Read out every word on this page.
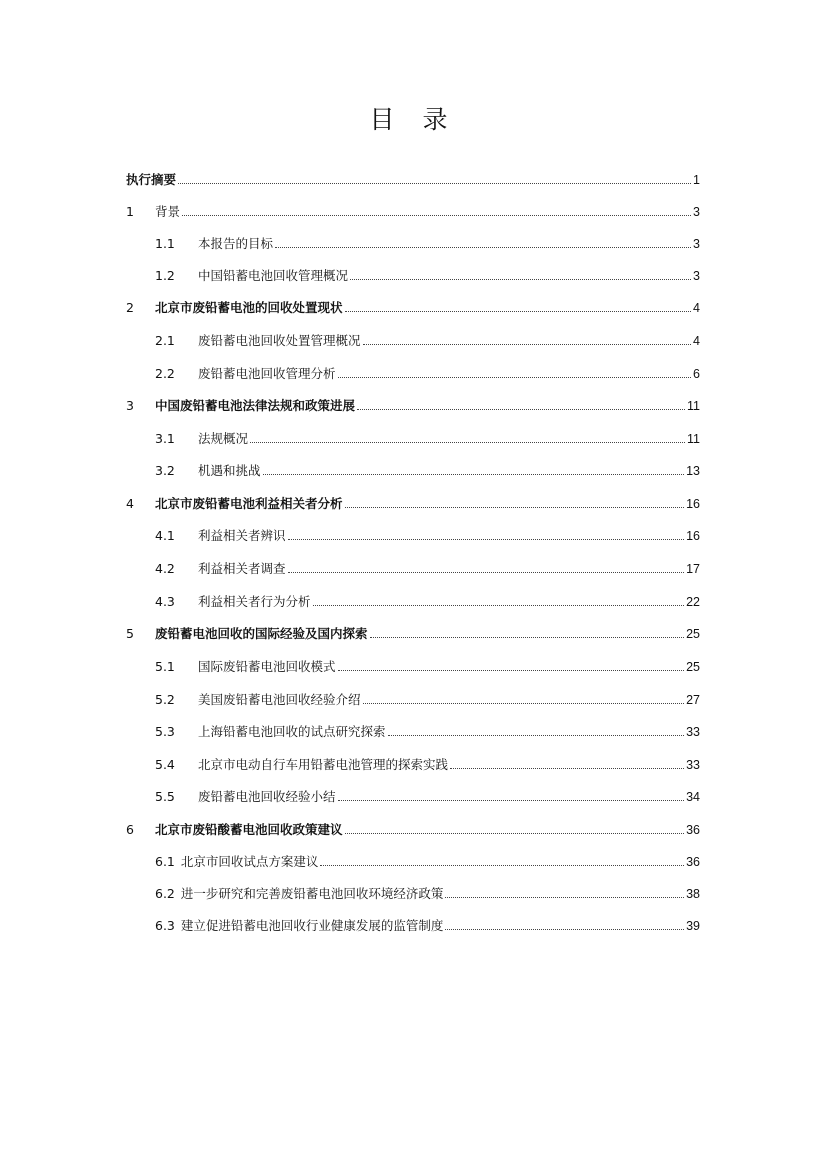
目 录
执行摘要	1
1	背景	3
1.1	本报告的目标	3
1.2	中国铅蓄电池回收管理概况	3
2	北京市废铅蓄电池的回收处置现状	4
2.1	废铅蓄电池回收处置管理概况	4
2.2	废铅蓄电池回收管理分析	6
3	中国废铅蓄电池法律法规和政策进展	11
3.1	法规概况	11
3.2	机遇和挑战	13
4	北京市废铅蓄电池利益相关者分析	16
4.1	利益相关者辨识	16
4.2	利益相关者调查	17
4.3	利益相关者行为分析	22
5	废铅蓄电池回收的国际经验及国内探索	25
5.1	国际废铅蓄电池回收模式	25
5.2	美国废铅蓄电池回收经验介绍	27
5.3	上海铅蓄电池回收的试点研究探索	33
5.4	北京市电动自行车用铅蓄电池管理的探索实践	33
5.5	废铅蓄电池回收经验小结	34
6	北京市废铅酸蓄电池回收政策建议	36
6.1 北京市回收试点方案建议	36
6.2 进一步研究和完善废铅蓄电池回收环境经济政策	38
6.3 建立促进铅蓄电池回收行业健康发展的监管制度	39
